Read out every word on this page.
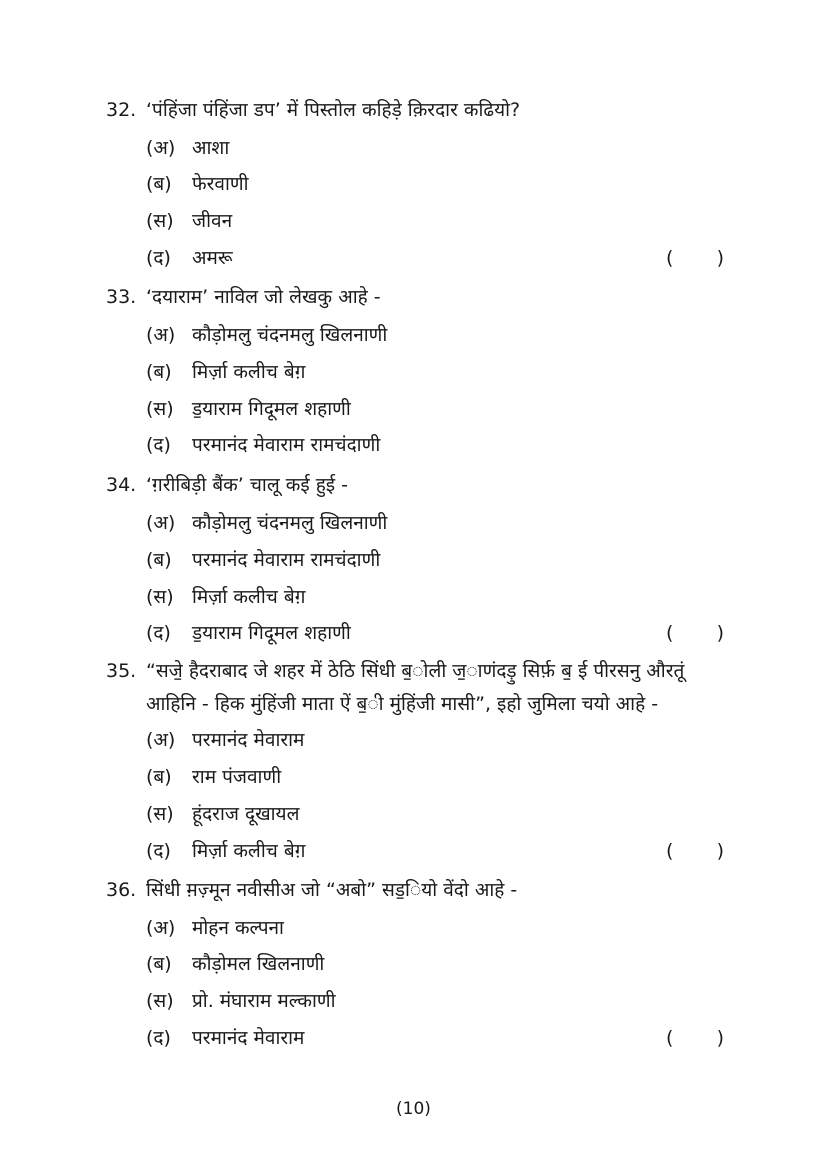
32. ‘पंहिंजा पंहिंजा डप’ में पिस्तोल कहिड़े क़िरदार कढियो?
(अ) आशा
(ब) फेरवाणी
(स) जीवन
(द) अमरू	( )
33. ‘दयाराम’ नाविल जो लेखकु आहे -
(अ) कौड़ोमलु चंदनमलु खिलनाणी
(ब) मिर्ज़ा कलीच बेग़
(स) ड॒याराम गिदूमल शहाणी
(द) परमानंद मेवाराम रामचंदाणी
34. ‘ग़रीबिड़ी बैंक’ चालू कई हुई -
(अ) कौड़ोमलु चंदनमलु खिलनाणी
(ब) परमानंद मेवाराम रामचंदाणी
(स) मिर्ज़ा कलीच बेग़
(द) ड॒याराम गिदूमल शहाणी	( )
35. “सजे॒ हैदराबाद जे शहर में ठेठि सिंधी ब॒ोली ज॒ाणंदड़ु सिर्फ़ ब॒ ई पीरसनु औरतूं
आहिनि - हिक मुंहिंजी माता ऐं ब॒ी मुंहिंजी मासी”, इहो जुमिला चयो आहे -
(अ) परमानंद मेवाराम
(ब) राम पंजवाणी
(स) हूंदराज दूखायल
(द) मिर्ज़ा कलीच बेग़	( )
36. सिंधी म़ज़्मून नवीसीअ जो “अबो” सड॒ियो वेंदो आहे -
(अ) मोहन कल्पना
(ब) कौड़ोमल खिलनाणी
(स) प्रो. मंघाराम मल्काणी
(द) परमानंद मेवाराम	( )
(10)
